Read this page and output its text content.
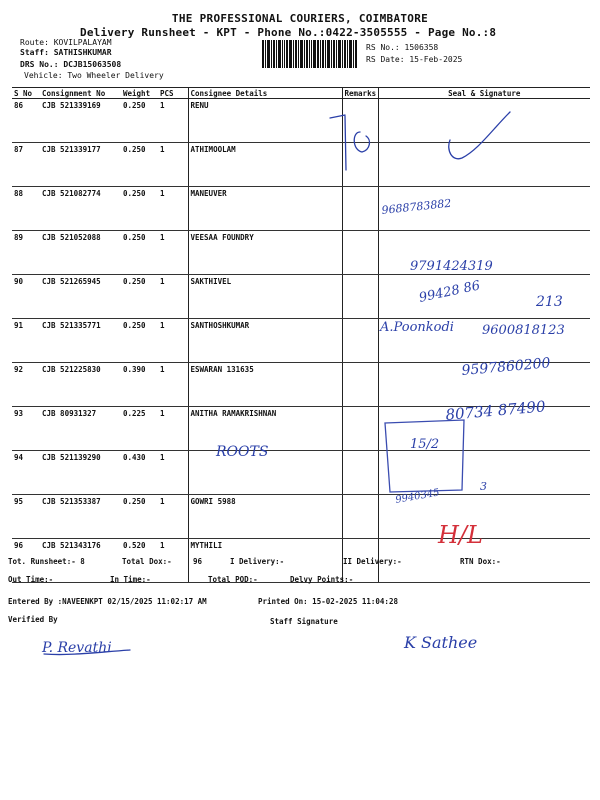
THE PROFESSIONAL COURIERS, COIMBATORE
Delivery Runsheet - KPT - Phone No.:0422-3505555 - Page No.:8
Route: KOVILPALAYAM
Staff: SATHISHKUMAR
DRS No.: DCJB15063508
Vehicle: Two Wheeler Delivery
RS No.: 1506358
RS Date: 15-Feb-2025
S No	Consignment No	Weight	PCS	Consignee Details	Remarks	Seal & Signature
86	CJB 521339169	0.250	1	RENU		
87	CJB 521339177	0.250	1	ATHIMOOLAM		
88	CJB 521082774	0.250	1	MANEUVER		
89	CJB 521052088	0.250	1	VEESAA FOUNDRY		
90	CJB 521265945	0.250	1	SAKTHIVEL		
91	CJB 521335771	0.250	1	SANTHOSHKUMAR		
92	CJB 521225830	0.390	1	ESWARAN 131635		
93	CJB 80931327	0.225	1	ANITHA RAMAKRISHNAN		
94	CJB 521139290	0.430	1			
95	CJB 521353387	0.250	1	GOWRI 5988		
96	CJB 521343176	0.520	1	MYTHILI		
Tot. Runsheet:- 8	Total Dox:-	96	I Delivery:-	II Delivery:-	RTN Dox:-
Out Time:-	In Time:-	Total POD:-	Delvy Points:-
Entered By :NAVEENKPT 02/15/2025 11:02:17 AM	Printed On: 15-02-2025 11:04:28
Verified By	Staff Signature
ROOTS
9688783882
9791424319
99428 86	213
A.Poonkodi 9600818123
9597860200
80734 87490
15/2
9940345
3
P. Revathi	K Sathee
H/L
